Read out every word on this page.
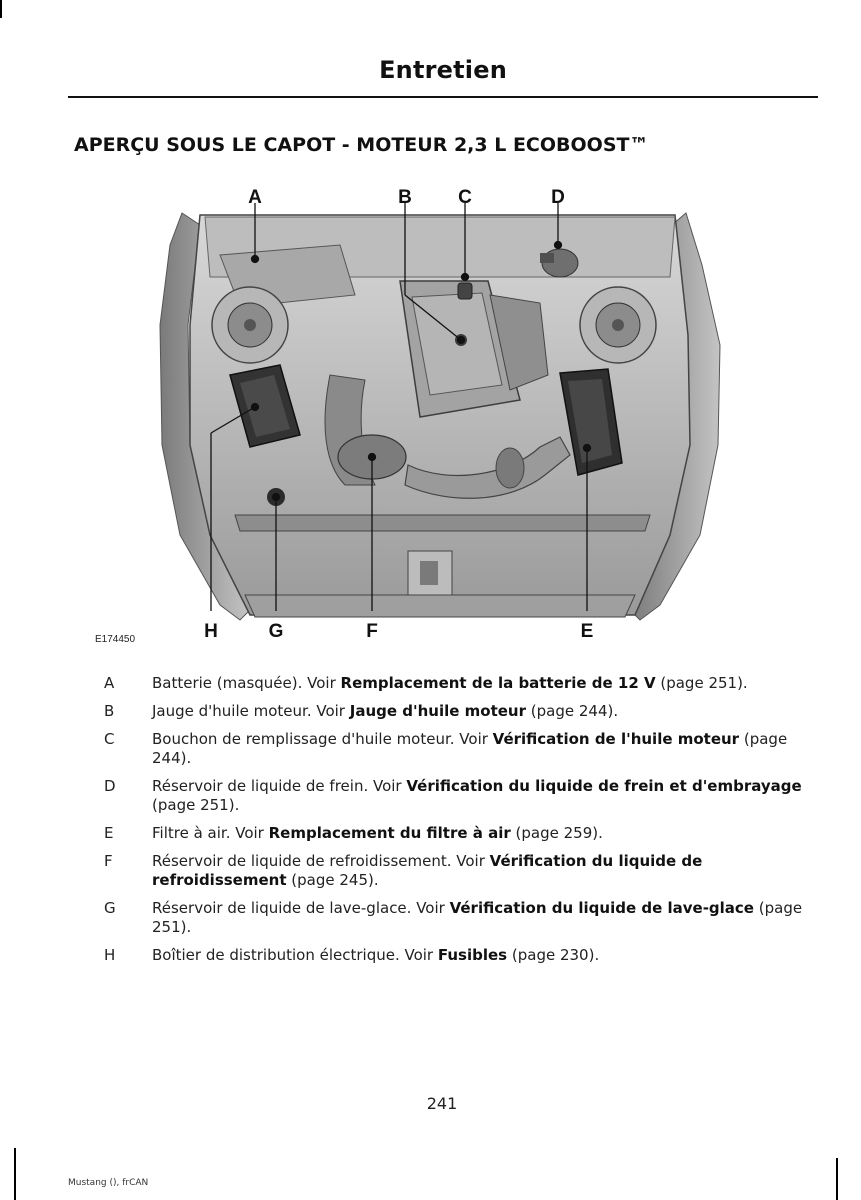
Entretien
APERÇU SOUS LE CAPOT - MOTEUR 2,3 L ECOBOOST™
A	B C	D
E
F
G
H
E174450
A	Batterie (masquée). Voir Remplacement de la batterie de 12 V (page 251).
B	Jauge d'huile moteur. Voir Jauge d'huile moteur (page 244).
C	Bouchon de remplissage d'huile moteur. Voir Vérification de l'huile moteur (page 244).
D	Réservoir de liquide de frein. Voir Vérification du liquide de frein et d'embrayage (page 251).
E	Filtre à air. Voir Remplacement du filtre à air (page 259).
F	Réservoir de liquide de refroidissement. Voir Vérification du liquide de refroidissement (page 245).
G	Réservoir de liquide de lave-glace. Voir Vérification du liquide de lave-glace (page 251).
H	Boîtier de distribution électrique. Voir Fusibles (page 230).
241
Mustang (), frCAN
